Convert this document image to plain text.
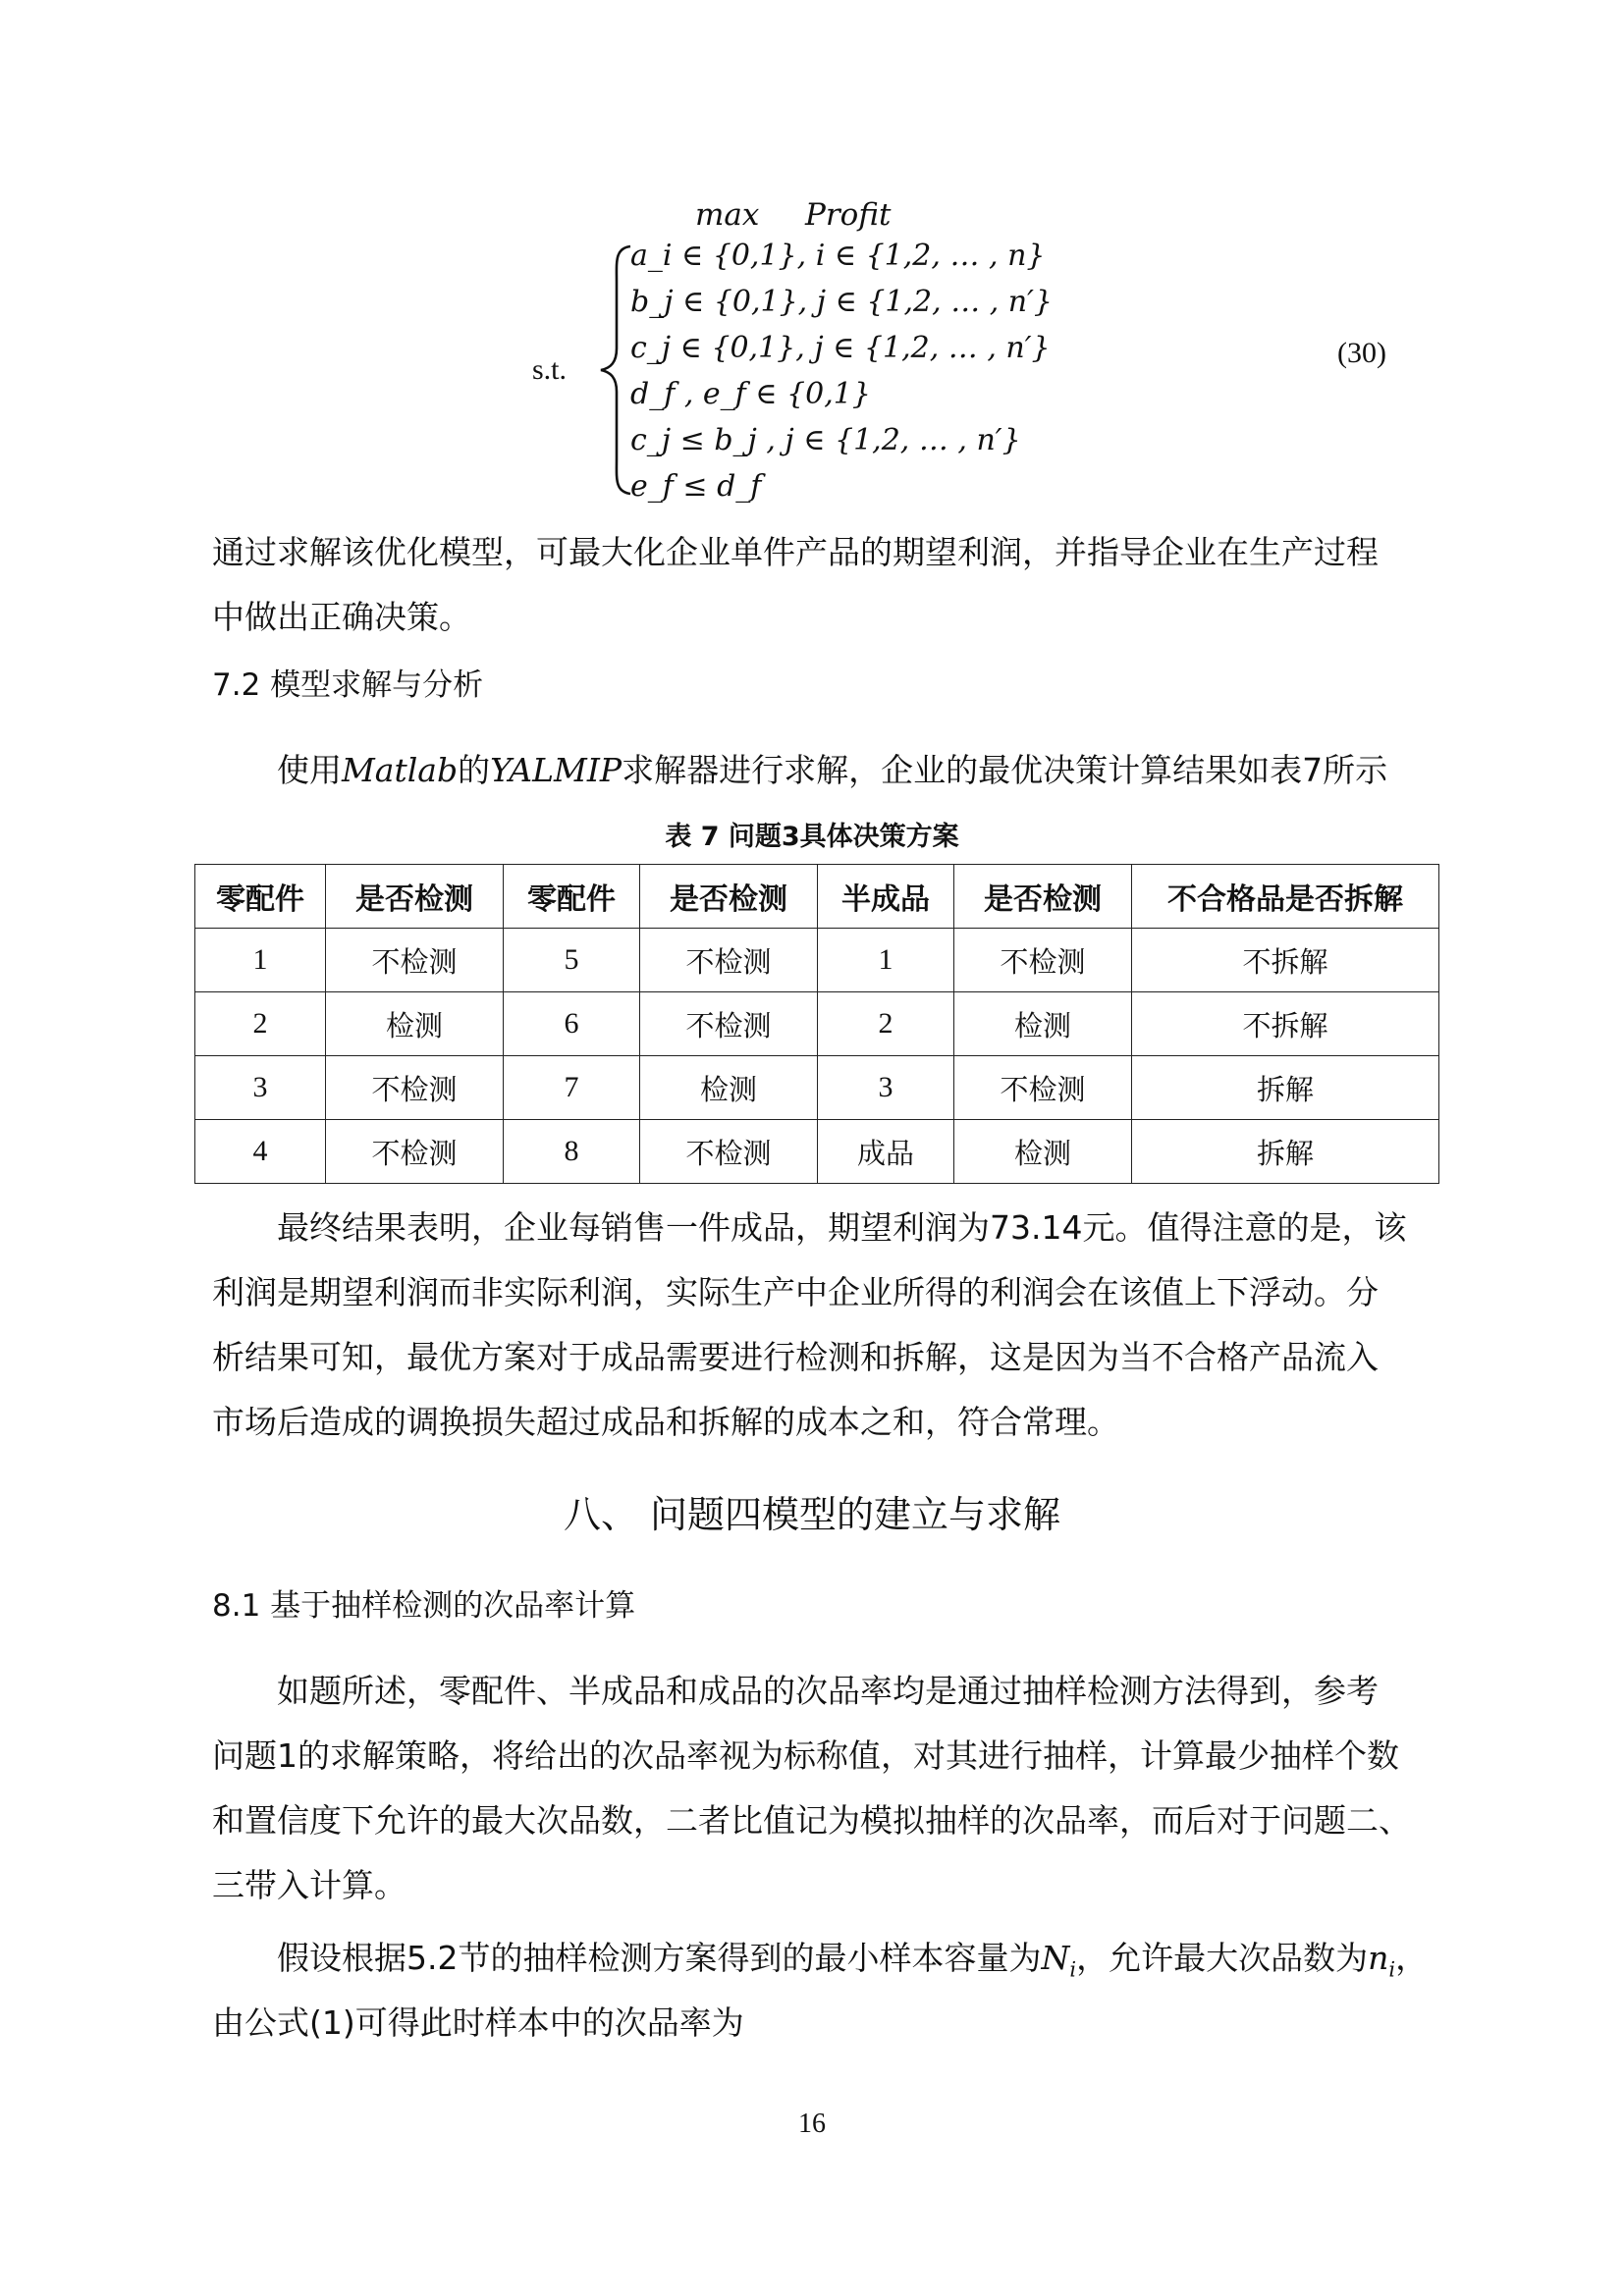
max Profit
s.t.
a_i ∈ {0,1}, i ∈ {1,2, … , n}
b_j ∈ {0,1}, j ∈ {1,2, … , n′}
c_j ∈ {0,1}, j ∈ {1,2, … , n′}
d_f , e_f ∈ {0,1}
c_j ≤ b_j , j ∈ {1,2, … , n′}
e_f ≤ d_f
(30)
通过求解该优化模型，可最大化企业单件产品的期望利润，并指导企业在生产过程
中做出正确决策。
7.2 模型求解与分析
使用Matlab的YALMIP求解器进行求解，企业的最优决策计算结果如表7所示
表 7 问题3具体决策方案
零配件	是否检测	零配件	是否检测	半成品	是否检测	不合格品是否拆解
1	不检测	5	不检测	1	不检测	不拆解
2	检测	6	不检测	2	检测	不拆解
3	不检测	7	检测	3	不检测	拆解
4	不检测	8	不检测	成品	检测	拆解
最终结果表明，企业每销售一件成品，期望利润为73.14元。值得注意的是，该
利润是期望利润而非实际利润，实际生产中企业所得的利润会在该值上下浮动。分
析结果可知，最优方案对于成品需要进行检测和拆解，这是因为当不合格产品流入
市场后造成的调换损失超过成品和拆解的成本之和，符合常理。
八、 问题四模型的建立与求解
8.1 基于抽样检测的次品率计算
如题所述，零配件、半成品和成品的次品率均是通过抽样检测方法得到，参考
问题1的求解策略，将给出的次品率视为标称值，对其进行抽样，计算最少抽样个数
和置信度下允许的最大次品数，二者比值记为模拟抽样的次品率，而后对于问题二、
三带入计算。
假设根据5.2节的抽样检测方案得到的最小样本容量为$N_i$，允许最大次品数为$n_i$，
由公式(1)可得此时样本中的次品率为
16
